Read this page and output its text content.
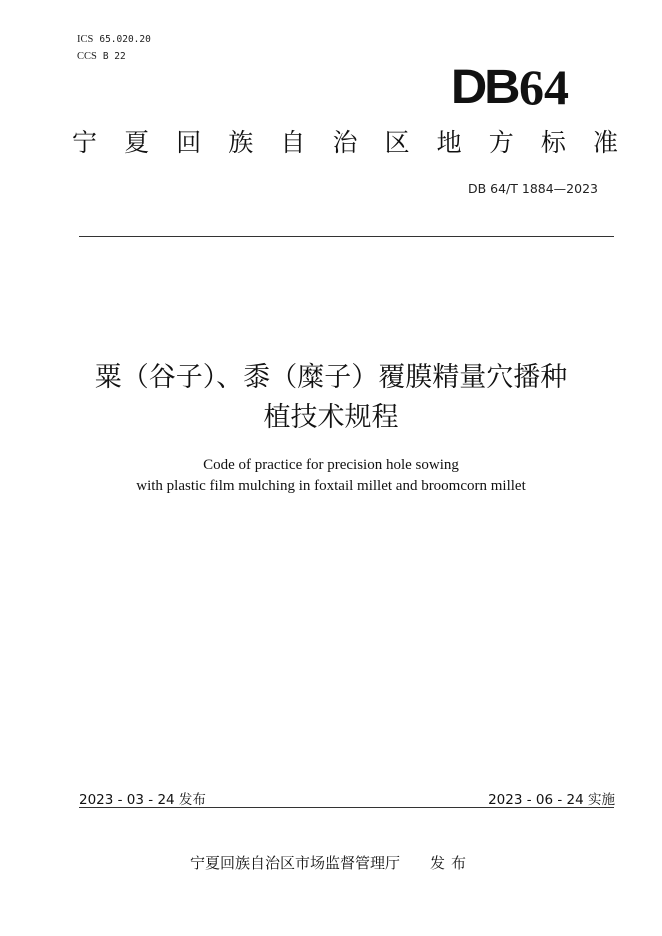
ICS 65.020.20
CCS B 22
DB 64
宁 夏 回 族 自 治 区 地 方 标 准
DB 64/T 1884—2023
粟（谷子）、黍（糜子）覆膜精量穴播种
植技术规程
Code of practice for precision hole sowing
with plastic film mulching in foxtail millet and broomcorn millet
2023 - 03 - 24 发布	2023 - 06 - 24 实施
宁夏回族自治区市场监督管理厅 发布
